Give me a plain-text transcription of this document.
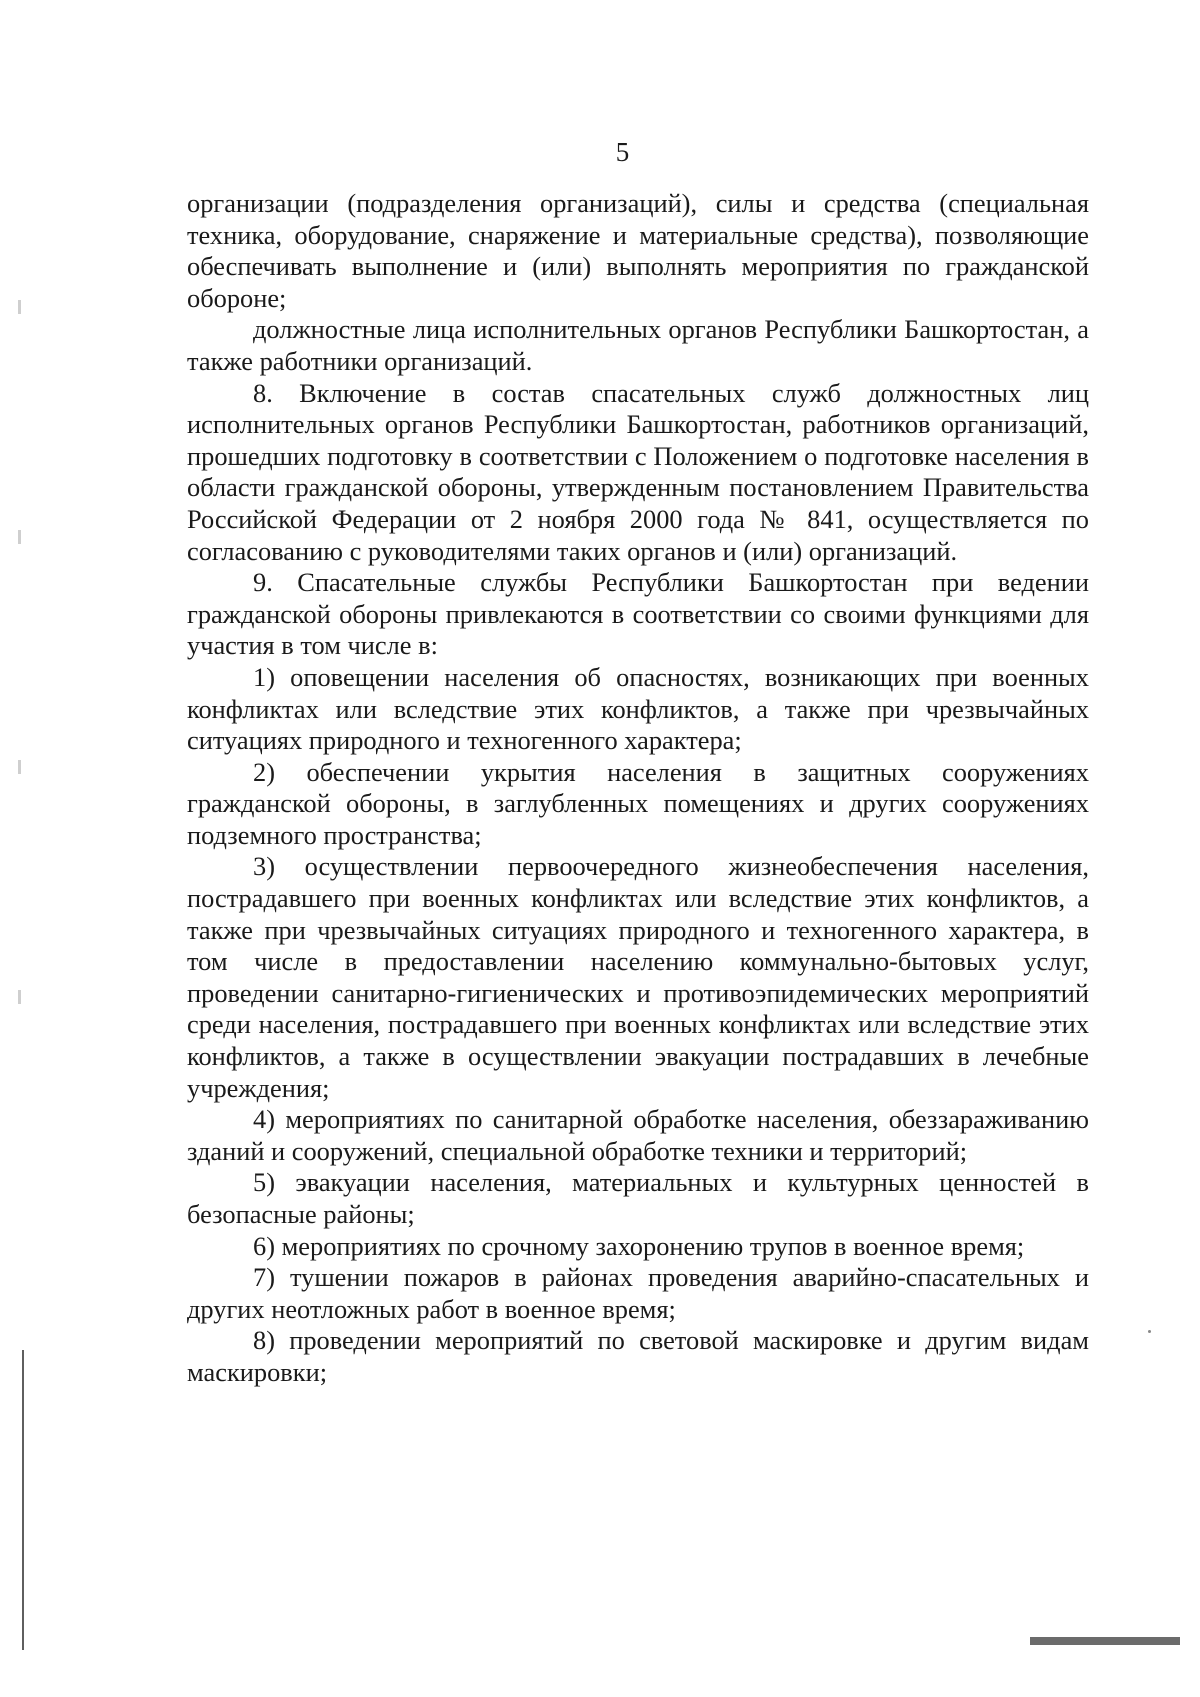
5

организации (подразделения организаций), силы и средства (специальная техника, оборудование, снаряжение и материальные средства), позволяющие обеспечивать выполнение и (или) выполнять мероприятия по гражданской обороне;

должностные лица исполнительных органов Республики Башкортостан, а также работники организаций.

8. Включение в состав спасательных служб должностных лиц исполнительных органов Республики Башкортостан, работников организаций, прошедших подготовку в соответствии с Положением о подготовке населения в области гражданской обороны, утвержденным постановлением Правительства Российской Федерации от 2 ноября 2000 года № 841, осуществляется по согласованию с руководителями таких органов и (или) организаций.

9. Спасательные службы Республики Башкортостан при ведении гражданской обороны привлекаются в соответствии со своими функциями для участия в том числе в:

1) оповещении населения об опасностях, возникающих при военных конфликтах или вследствие этих конфликтов, а также при чрезвычайных ситуациях природного и техногенного характера;

2) обеспечении укрытия населения в защитных сооружениях гражданской обороны, в заглубленных помещениях и других сооружениях подземного пространства;

3) осуществлении первоочередного жизнеобеспечения населения, пострадавшего при военных конфликтах или вследствие этих конфликтов, а также при чрезвычайных ситуациях природного и техногенного характера, в том числе в предоставлении населению коммунально-бытовых услуг, проведении санитарно-гигиенических и противоэпидемических мероприятий среди населения, пострадавшего при военных конфликтах или вследствие этих конфликтов, а также в осуществлении эвакуации пострадавших в лечебные учреждения;

4) мероприятиях по санитарной обработке населения, обеззараживанию зданий и сооружений, специальной обработке техники и территорий;

5) эвакуации населения, материальных и культурных ценностей в безопасные районы;

6) мероприятиях по срочному захоронению трупов в военное время;

7) тушении пожаров в районах проведения аварийно-спасательных и других неотложных работ в военное время;

8) проведении мероприятий по световой маскировке и другим видам маскировки;
